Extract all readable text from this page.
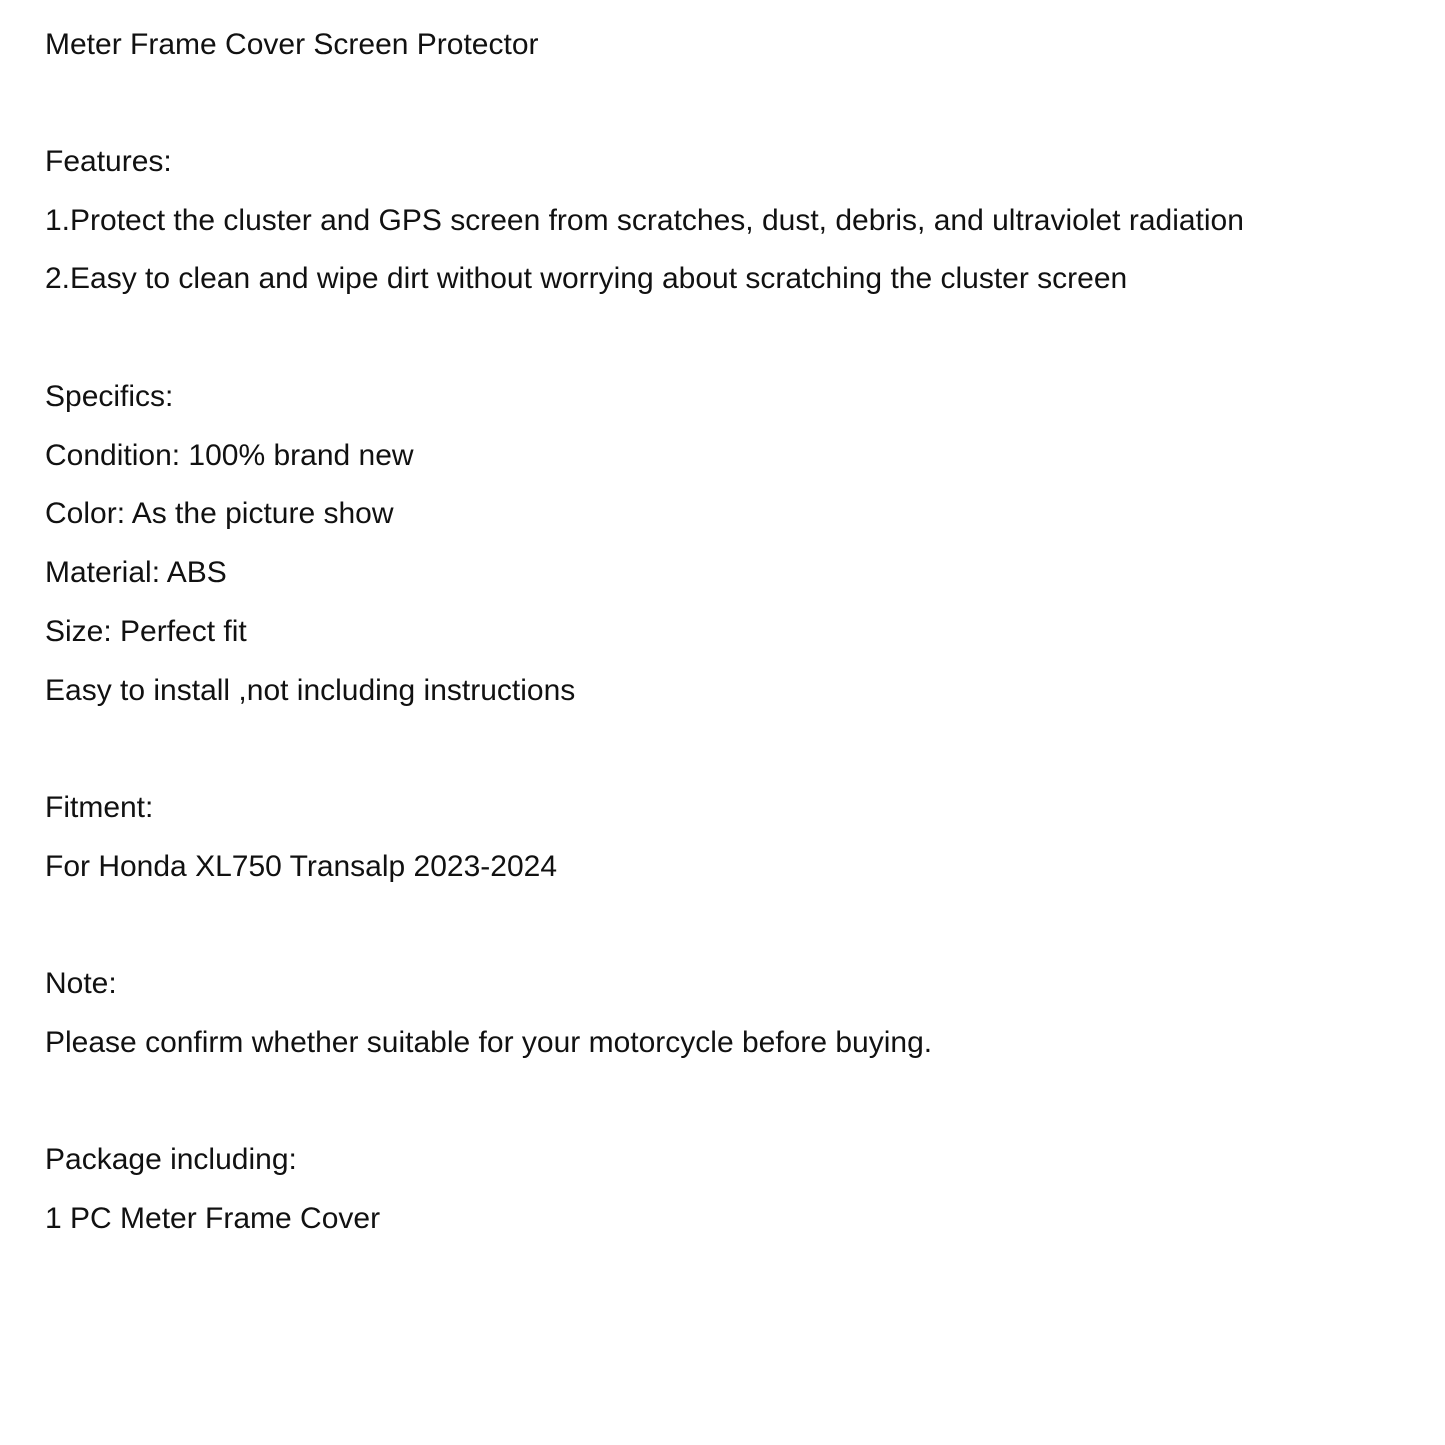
Meter Frame Cover Screen Protector
Features:
1.Protect the cluster and GPS screen from scratches, dust, debris, and ultraviolet radiation
2.Easy to clean and wipe dirt without worrying about scratching the cluster screen
Specifics:
Condition: 100% brand new
Color: As the picture show
Material: ABS
Size: Perfect fit
Easy to install ,not including instructions
Fitment:
For Honda XL750 Transalp 2023-2024
Note:
Please confirm whether suitable for your motorcycle before buying.
Package including:
1 PC Meter Frame Cover
